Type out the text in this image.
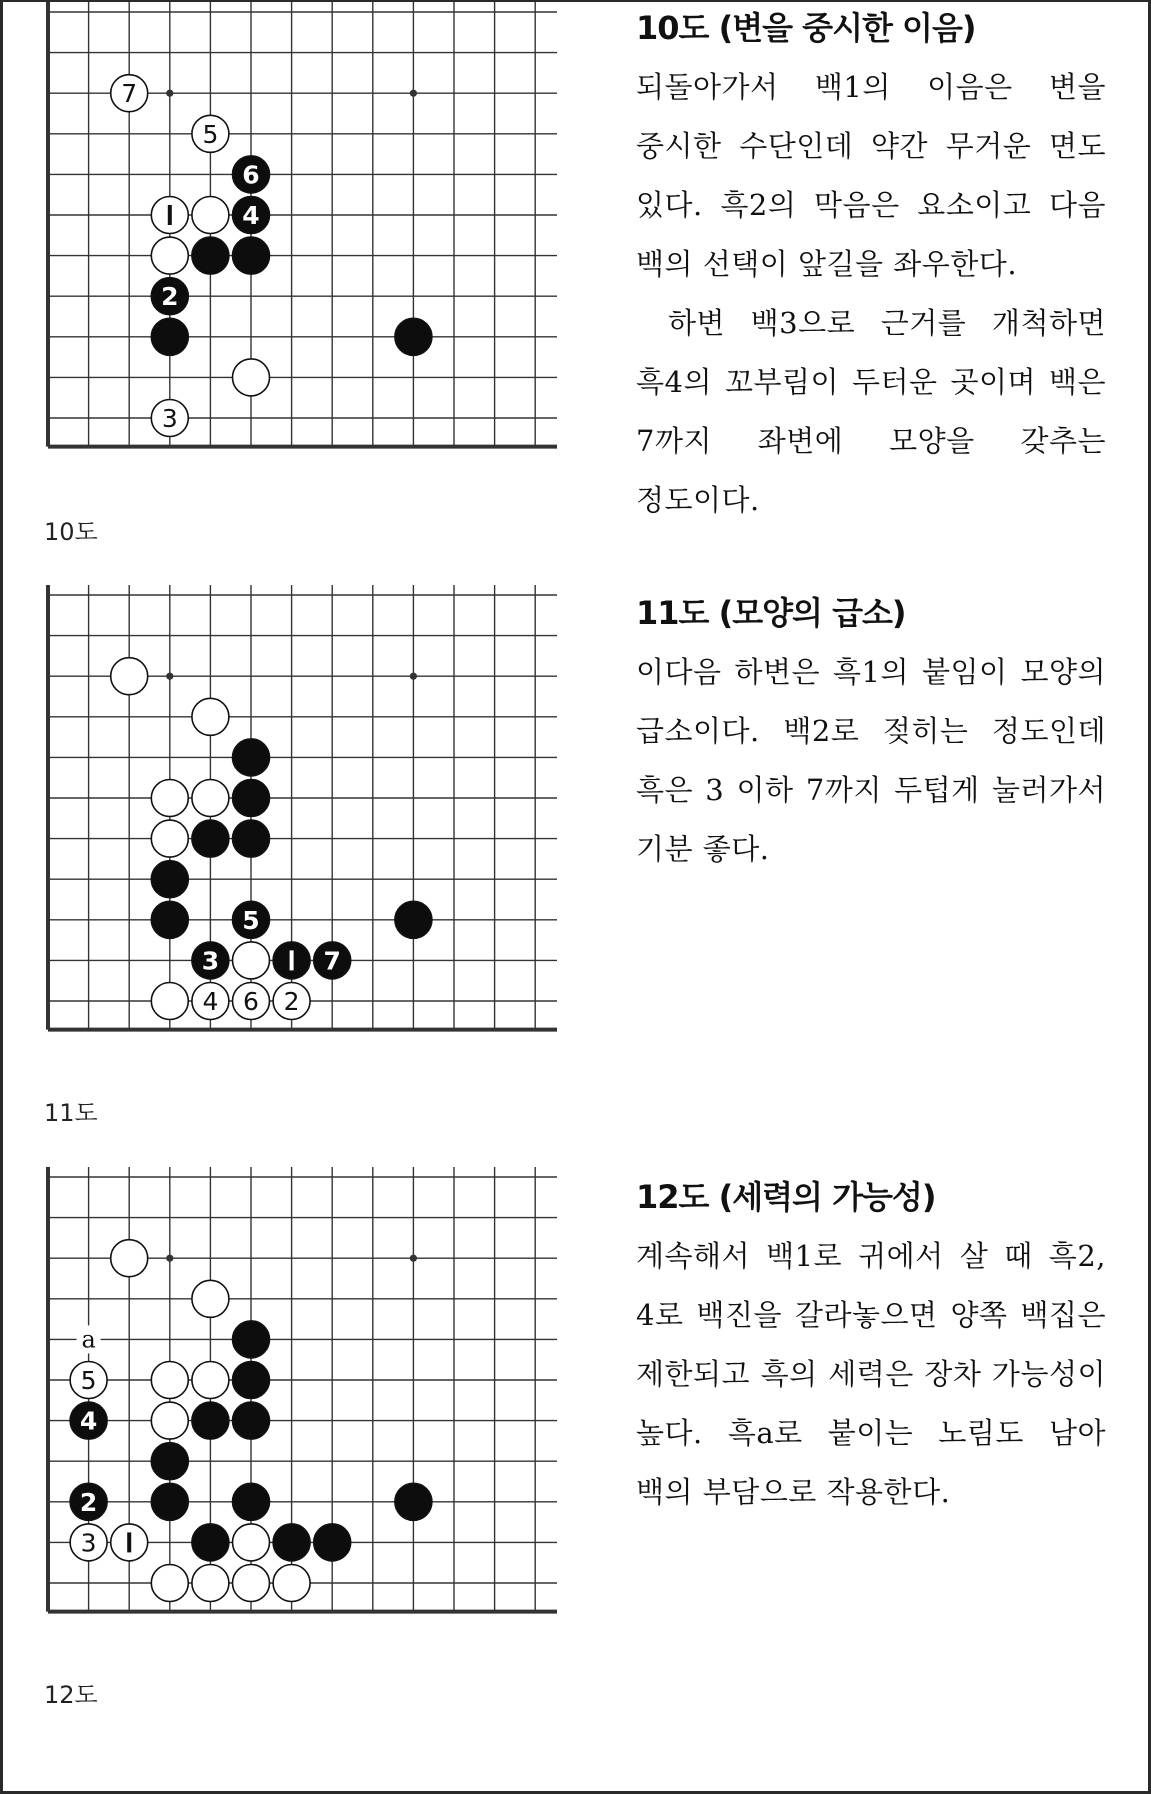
7
5
6
4
2
3
10도
10도 (변을 중시한 이음)

되돌아가서 백1의 이음은 변을 중시한 수단인데 약간 무거운 면도 있다. 흑2의 막음은 요소이고 다음 백의 선택이 앞길을 좌우한다.

하변 백3으로 근거를 개척하면 흑4의 꼬부림이 두터운 곳이며 백은 7까지 좌변에 모양을 갖추는 정도이다.

5
3	7
4 6 2
11도
11도 (모양의 급소)

이다음 하변은 흑1의 붙임이 모양의 급소이다. 백2로 젖히는 정도인데 흑은 3 이하 7까지 두텁게 눌러가서 기분 좋다.

a
5
4
2
3
12도
12도 (세력의 가능성)

계속해서 백1로 귀에서 살 때 흑2, 4로 백진을 갈라놓으면 양쪽 백집은 제한되고 흑의 세력은 장차 가능성이 높다. 흑a로 붙이는 노림도 남아 백의 부담으로 작용한다.
